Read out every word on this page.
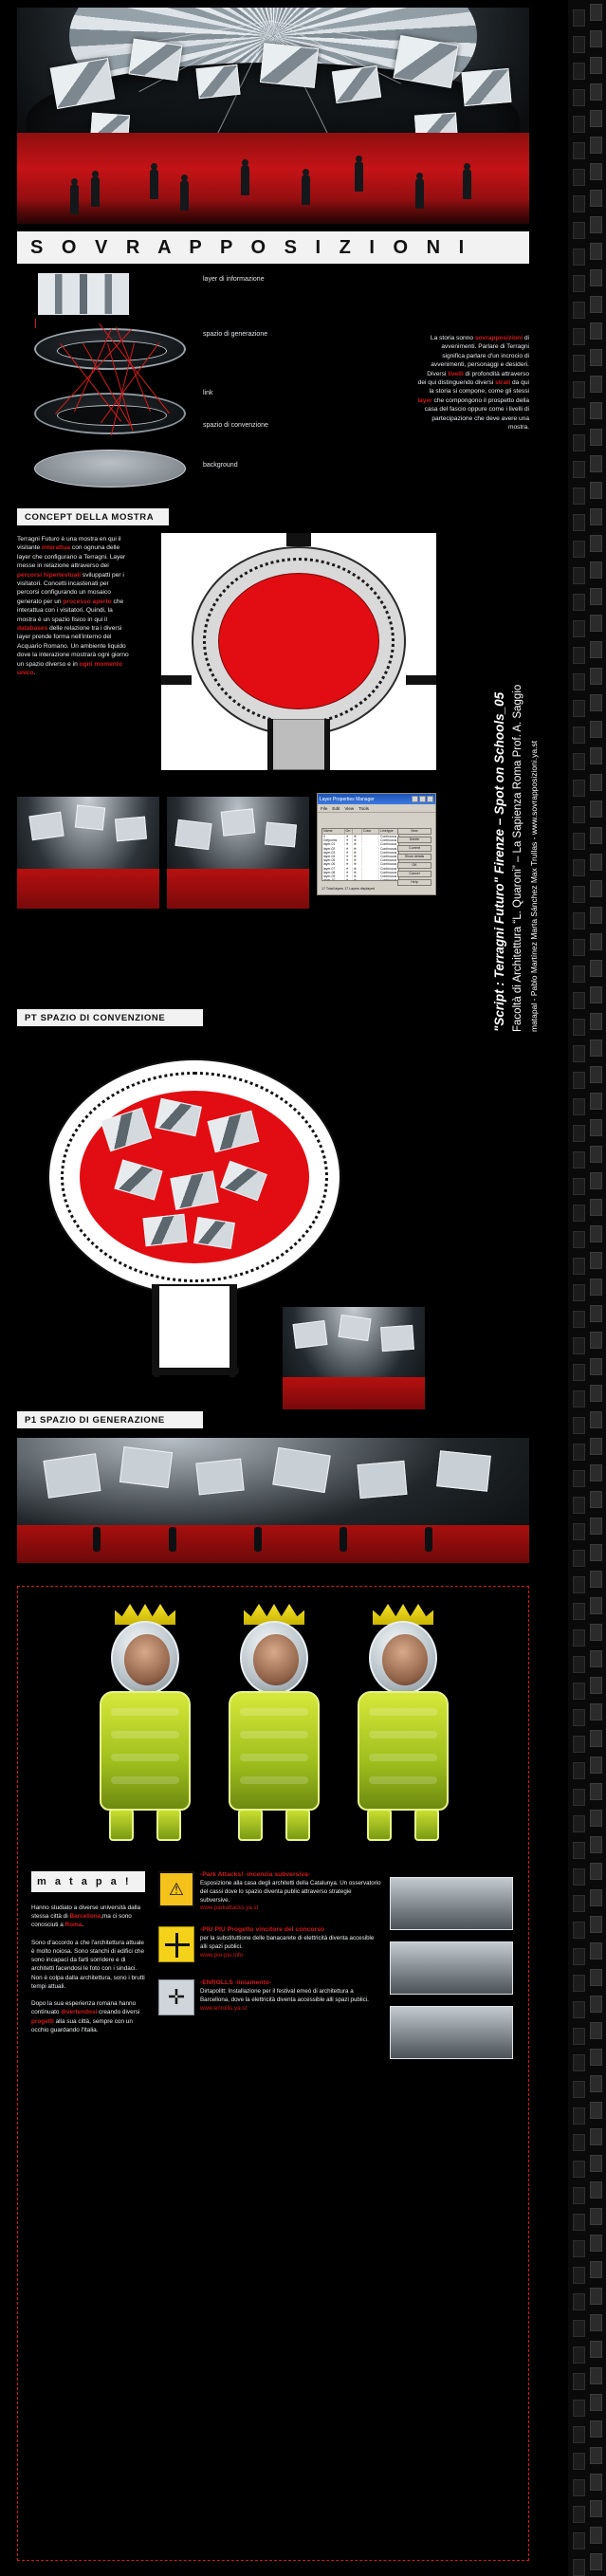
S O V R A P P O S I Z I O N I
layer di informazione
spazio di generazione
link
spazio di convenzione
background
La storia sonno sovrapposizioni di avvenimenti. Parlare di Terragni significa parlare d'un incrocio di avvenimenti, personaggi e desideri. Diversi livelli di profondità attraverso dei qui distinguendo diversi strati da qui la storia si compone, come gli stessi layer che compongono il prospetto della casa del fascio oppure come i livelli di partecipazione che deve avere una mostra.
CONCEPT DELLA MOSTRA
Terragni Futuro è una mostra en qui il visitante interattua con ognuna delle layer che configurano a Terragni. Layer messe in relazione attraverso dei percorsi hipertestuali sviluppatti per i visitatori. Concetti incastenati per percorsi configurando un mosaico generato per un processo aperto che interattua con i visitatori. Quindi, la mostra è un spazio fisico in qui il databases delle relazione tra i diversi layer prende forma nell'interno del Acquario Romano. Un ambiente liquido dove la interazione mostrarà ogni giorno un spazio diverso e in ogni momento unico.
Layer Properties Manager
File Edit View Tools
Name	On	Color	Linetype
0	☀	❄	Continuous
Defpoints	☀	❄	Continuous
layer-01	☀	❄	Continuous
layer-02	☀	❄	Continuous
layer-03	☀	❄	Continuous
layer-04	☀	❄	Continuous
layer-05	☀	❄	Continuous
layer-06	☀	❄	Continuous
layer-07	☀	❄	Continuous
layer-08	☀	❄	Continuous
layer-09	☀	❄	Continuous
layer-10	☀	❄	Continuous
New
Delete
Current
Show details
OK
Cancel
Help
17 Total layers 17 Layers displayed
PT SPAZIO DI CONVENZIONE
P1 SPAZIO DI GENERAZIONE
"Script : Terragni Futuro" Firenze – Spot on Schools_05 Facoltà di Architettura “L. Quaroni” – La Sapienza Roma Prof. A. Saggio matapal - Pablo Martínez Marta Sánchez Max Trullas - www.sovrapposizioni.ya.st
m a t a p a !
Hanno studiato a diverse università dalla stessa città di Barcellona,ma ci sono conosciuti a Roma.

Sono d'accordo a che l'architettura attuale è molto noiosa. Sono stanchi di edifici che sono incapaci da farti sorridere e di architetti facendosi le foto con i sindaci. Non è colpa dalla architettura, sono i brutti tempi attuali.

Dopo la sua esperienza romana hanno continuato divertendosi creando diversi progetti alla sua città, sempre con un occhio guardando l'Italia.
⚠
-Park Attacks! -incenzia subversiva-
Esposizione alla casa degli architetti della Catalunya. Un osservatorio del cassi dove lo spazio diventa public attraverso strategie subversive.
www.parkattacks.ya.st
-PIU PIU Progetto vincitore del concorso
per la substituttione delle banacarete di elettricità diventa accesible alli spazi publici.
www.piu-piu.info
✛
-ENROLLS -liniamento-
Dirtapolitt: Installazione per il festival emeò di architettura a Barcellona, dove la elettricità diventa accessible alli spazi publici.
www.enrollis.ya.st
